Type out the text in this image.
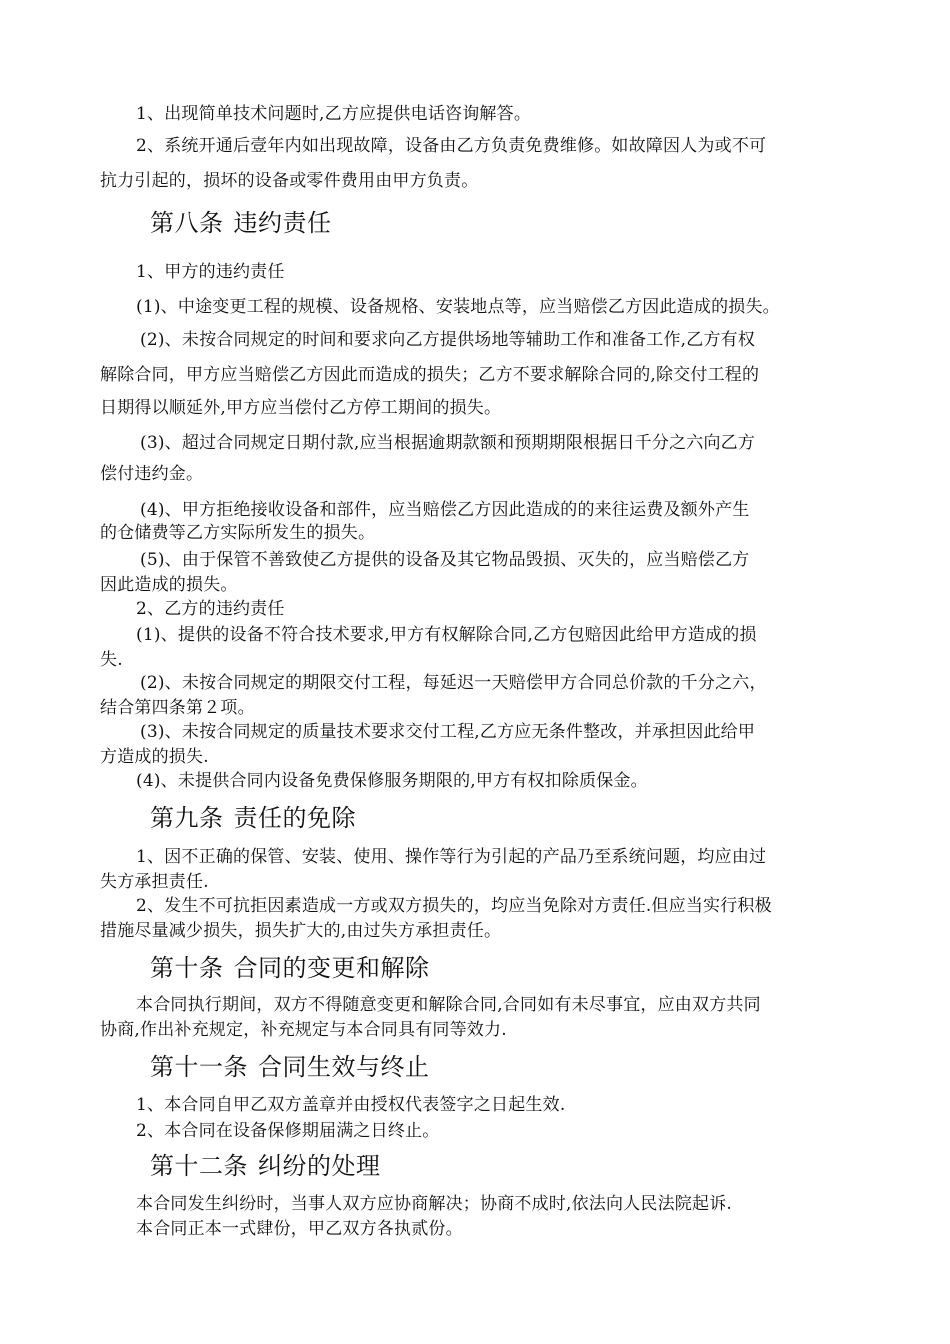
1、出现简单技术问题时,乙方应提供电话咨询解答。

2、系统开通后壹年内如出现故障，设备由乙方负责免费维修。如故障因人为或不可

抗力引起的，损坏的设备或零件费用由甲方负责。

第八条 违约责任

1、甲方的违约责任

(1)、中途变更工程的规模、设备规格、安装地点等，应当赔偿乙方因此造成的损失。

(2)、未按合同规定的时间和要求向乙方提供场地等辅助工作和准备工作,乙方有权

解除合同，甲方应当赔偿乙方因此而造成的损失；乙方不要求解除合同的,除交付工程的

日期得以顺延外,甲方应当偿付乙方停工期间的损失。

(3)、超过合同规定日期付款,应当根据逾期款额和预期期限根据日千分之六向乙方

偿付违约金。

(4)、甲方拒绝接收设备和部件，应当赔偿乙方因此造成的的来往运费及额外产生

的仓储费等乙方实际所发生的损失。

(5)、由于保管不善致使乙方提供的设备及其它物品毁损、灭失的，应当赔偿乙方

因此造成的损失。

2、乙方的违约责任

(1)、提供的设备不符合技术要求,甲方有权解除合同,乙方包赔因此给甲方造成的损

失.

(2)、未按合同规定的期限交付工程，每延迟一天赔偿甲方合同总价款的千分之六，

结合第四条第２项。

(3)、未按合同规定的质量技术要求交付工程,乙方应无条件整改，并承担因此给甲

方造成的损失.

(4)、未提供合同内设备免费保修服务期限的,甲方有权扣除质保金。

第九条 责任的免除

1、因不正确的保管、安装、使用、操作等行为引起的产品乃至系统问题，均应由过

失方承担责任.

2、发生不可抗拒因素造成一方或双方损失的，均应当免除对方责任.但应当实行积极

措施尽量减少损失，损失扩大的,由过失方承担责任。

第十条 合同的变更和解除

本合同执行期间，双方不得随意变更和解除合同,合同如有未尽事宜，应由双方共同

协商,作出补充规定，补充规定与本合同具有同等效力.

第十一条 合同生效与终止

1、本合同自甲乙双方盖章并由授权代表签字之日起生效.

2、本合同在设备保修期届满之日终止。

第十二条 纠纷的处理

本合同发生纠纷时，当事人双方应协商解决；协商不成时,依法向人民法院起诉.

本合同正本一式肆份，甲乙双方各执贰份。
